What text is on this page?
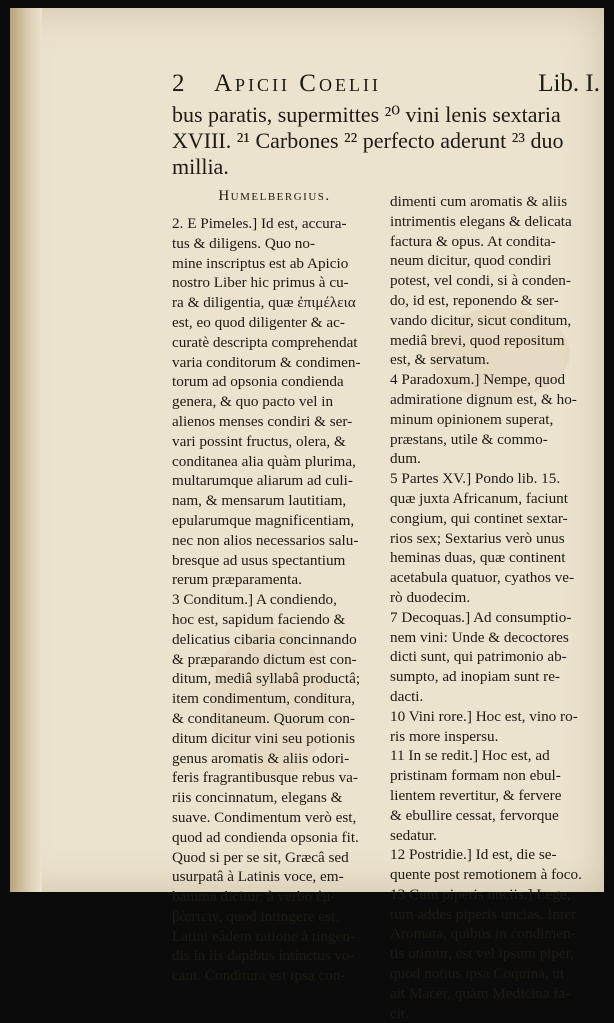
2 Apicii Coelii	Lib. I.
bus paratis, supermittes ²⁰ vini lenis sextaria
XVIII. ²¹ Carbones ²² perfecto aderunt ²³ duo
millia.
Humelbergius.
2. E Pimeles.] Id est, accura-
tus & diligens. Quo no-
mine inscriptus est ab Apicio
nostro Liber hic primus à cu-
ra & diligentia, quæ ἐπιμέλεια
est, eo quod diligenter & ac-
curatè descripta comprehendat
varia conditorum & condimen-
torum ad opsonia condienda
genera, & quo pacto vel in
alienos menses condiri & ser-
vari possint fructus, olera, &
conditanea alia quàm plurima,
multarumque aliarum ad culi-
nam, & mensarum lautitiam,
epularumque magnificentiam,
nec non alios necessarios salu-
bresque ad usus spectantium
rerum præparamenta.
3 Conditum.] A condiendo,
hoc est, sapidum faciendo &
delicatius cibaria concinnando
& præparando dictum est con-
ditum, mediâ syllabâ productâ;
item condimentum, conditura,
& conditaneum. Quorum con-
ditum dicitur vini seu potionis
genus aromatis & aliis odori-
feris fragrantibusque rebus va-
riis concinnatum, elegans &
suave. Condimentum verò est,
quod ad condienda opsonia fit.
Quod si per se sit, Græcâ sed
usurpatâ à Latinis voce, em-
bamma dicitur, à verbo ἐμ-
βάπτειν, quod intingere est.
Latini eâdem ratione à tingen-
dis in iis dapibus intinctus vo-
cant. Conditura est ipsa con-
dimenti cum aromatis & aliis
intrimentis elegans & delicata
factura & opus. At condita-
neum dicitur, quod condiri
potest, vel condi, si à conden-
do, id est, reponendo & ser-
vando dicitur, sicut conditum,
mediâ brevi, quod repositum
est, & servatum.
4 Paradoxum.] Nempe, quod
admiratione dignum est, & ho-
minum opinionem superat,
præstans, utile & commo-
dum.
5 Partes XV.] Pondo lib. 15.
quæ juxta Africanum, faciunt
congium, qui continet sextar-
rios sex; Sextarius verò unus
heminas duas, quæ continent
acetabula quatuor, cyathos ve-
rò duodecim.
7 Decoquas.] Ad consumptio-
nem vini: Unde & decoctores
dicti sunt, qui patrimonio ab-
sumpto, ad inopiam sunt re-
dacti.
10 Vini rore.] Hoc est, vino ro-
ris more inspersu.
11 In se redit.] Hoc est, ad
pristinam formam non ebul-
lientem revertitur, & fervere
& ebullire cessat, fervorque
sedatur.
12 Postridie.] Id est, die se-
quente post remotionem à foco.
13 Cum piperis unciis.] Lege,
tum addes piperis uncias. Inter
Aromata, quibus in condimen-
tis utimur, est vel ipsum piper,
quod notius ipsa Coquina, ut
ait Macer, quàm Medicina fa-
cit.
